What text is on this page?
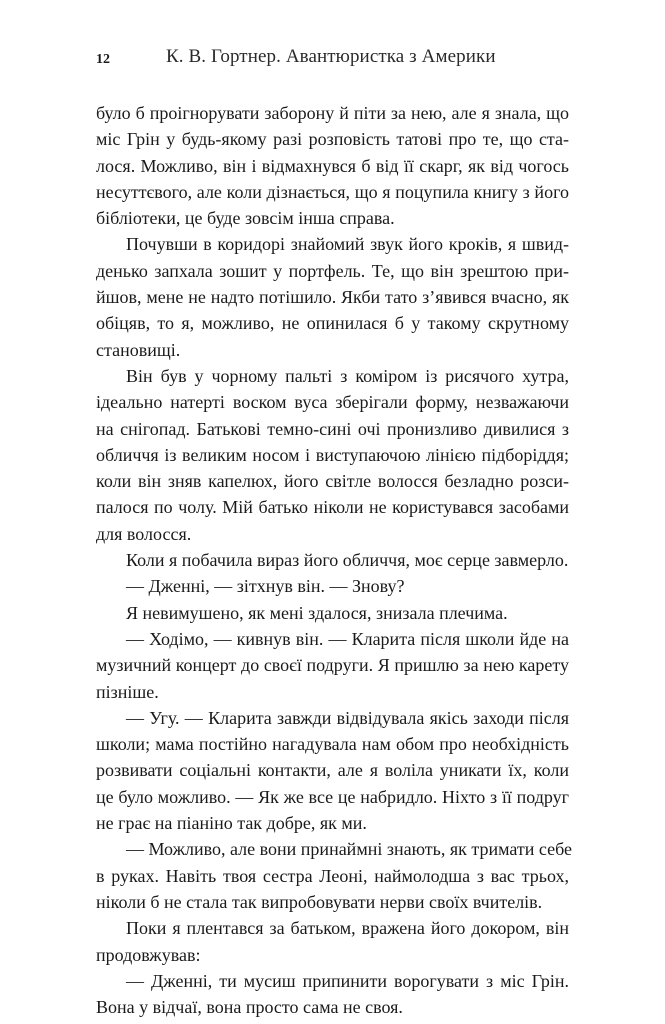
12	К. В. Гортнер. Авантюристка з Америки
було б проігнорувати заборону й піти за нею, але я знала, що
міс Грін у будь-якому разі розповість татові про те, що ста-
лося. Можливо, він і відмахнувся б від її скарг, як від чогось
несуттєвого, але коли дізнається, що я поцупила книгу з його
бібліотеки, це буде зовсім інша справа.
Почувши в коридорі знайомий звук його кроків, я швид-
денько запхала зошит у портфель. Те, що він зрештою при-
йшов, мене не надто потішило. Якби тато з’явився вчасно, як
обіцяв, то я, можливо, не опинилася б у такому скрутному
становищі.
Він був у чорному пальті з коміром із рисячого хутра,
ідеально натерті воском вуса зберігали форму, незважаючи
на снігопад. Батькові темно-сині очі пронизливо дивилися з
обличчя із великим носом і виступаючою лінією підборіддя;
коли він зняв капелюх, його світле волосся безладно розси-
палося по чолу. Мій батько ніколи не користувався засобами
для волосся.
Коли я побачила вираз його обличчя, моє серце завмерло.
— Дженні, — зітхнув він. — Знову?
Я невимушено, як мені здалося, знизала плечима.
— Ходімо, — кивнув він. — Кларита після школи йде на
музичний концерт до своєї подруги. Я пришлю за нею карету
пізніше.
— Угу. — Кларита завжди відвідувала якісь заходи після
школи; мама постійно нагадувала нам обом про необхідність
розвивати соціальні контакти, але я воліла уникати їх, коли
це було можливо. — Як же все це набридло. Ніхто з її подруг
не грає на піаніно так добре, як ми.
— Можливо, але вони принаймні знають, як тримати себе
в руках. Навіть твоя сестра Леоні, наймолодша з вас трьох,
ніколи б не стала так випробовувати нерви своїх вчителів.
Поки я плентався за батьком, вражена його докором, він
продовжував:
— Дженні, ти мусиш припинити ворогувати з міс Грін.
Вона у відчаї, вона просто сама не своя.
